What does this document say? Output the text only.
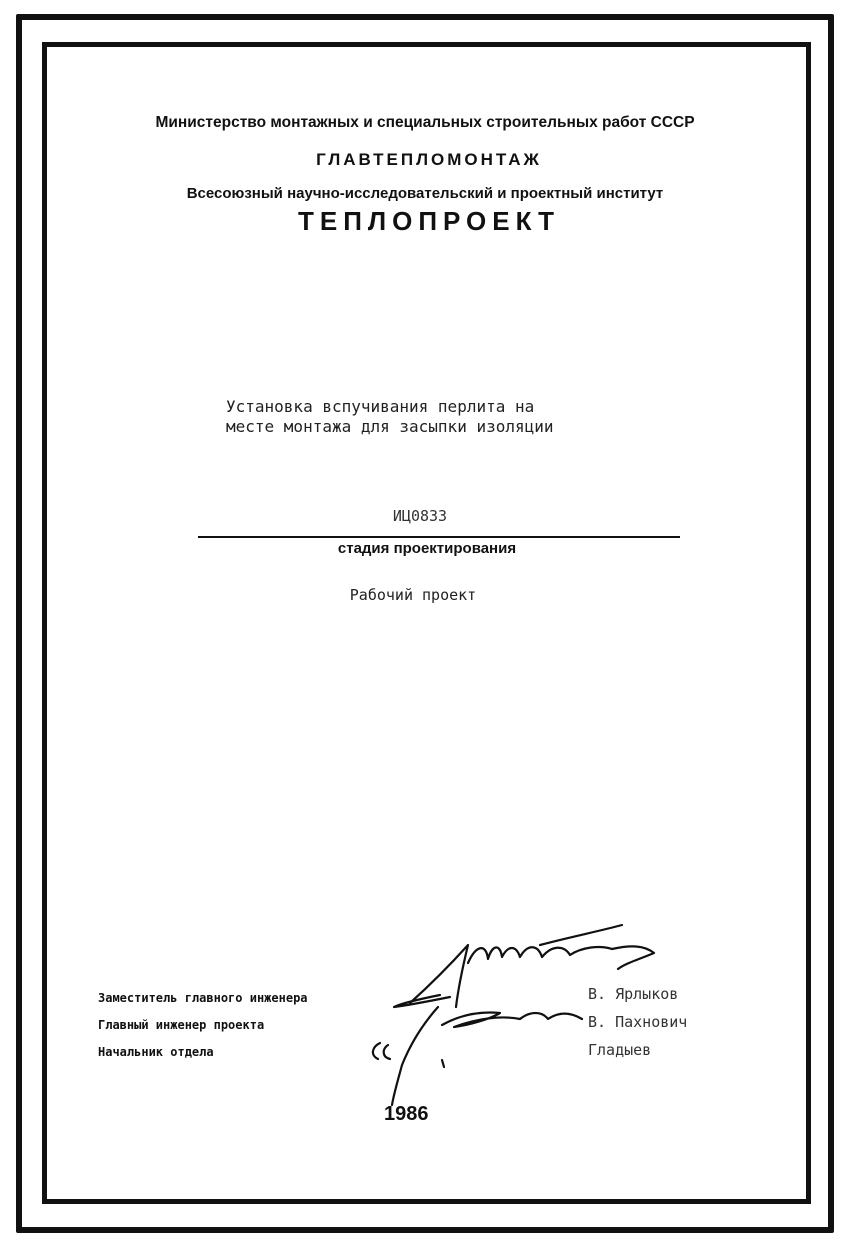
Министерство монтажных и специальных строительных работ СССР
ГЛАВТЕПЛОМОНТАЖ
Всесоюзный научно-исследовательский и проектный институт
ТЕПЛОПРОЕКТ
Установка вспучивания перлита на
месте монтажа для засыпки изоляции
ИЦ0833
стадия проектирования
Рабочий проект
Заместитель главного инженера
Главный инженер проекта
Начальник отдела
В. Ярлыков
В. Пахнович
Гладыев
1986
